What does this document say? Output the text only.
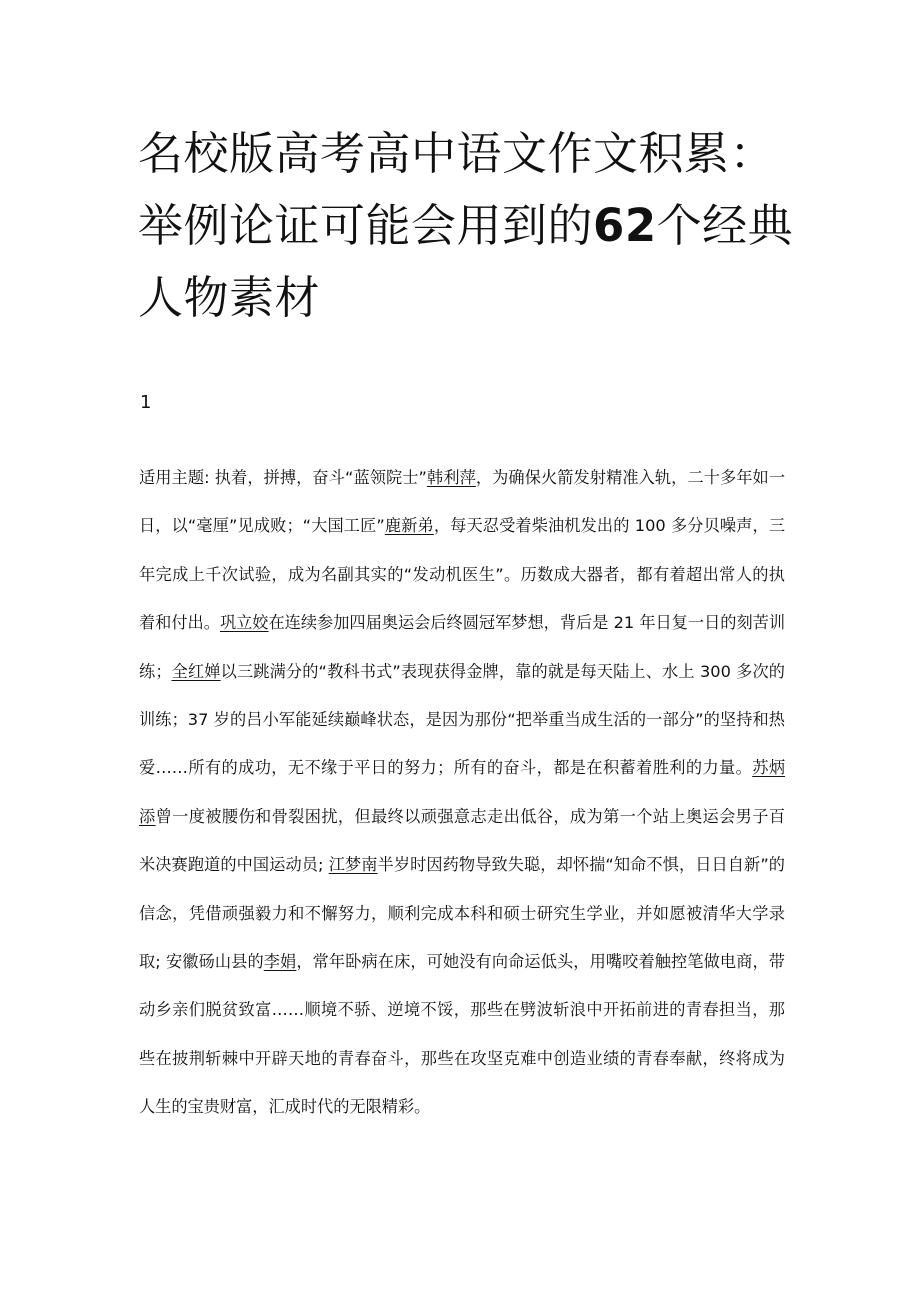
名校版高考高中语文作文积累：举例论证可能会用到的62个经典人物素材
1

适用主题: 执着，拼搏，奋斗“蓝领院士”韩利萍，为确保火箭发射精准入轨，二十多年如一日，以“毫厘”见成败；“大国工匠”鹿新弟，每天忍受着柴油机发出的 100 多分贝噪声，三年完成上千次试验，成为名副其实的“发动机医生”。历数成大器者，都有着超出常人的执着和付出。巩立姣在连续参加四届奥运会后终圆冠军梦想，背后是 21 年日复一日的刻苦训练；全红婵以三跳满分的“教科书式”表现获得金牌，靠的就是每天陆上、水上 300 多次的训练；37 岁的吕小军能延续巅峰状态，是因为那份“把举重当成生活的一部分”的坚持和热爱……所有的成功，无不缘于平日的努力；所有的奋斗，都是在积蓄着胜利的力量。苏炳添曾一度被腰伤和骨裂困扰，但最终以顽强意志走出低谷，成为第一个站上奥运会男子百米决赛跑道的中国运动员; 江梦南半岁时因药物导致失聪，却怀揣“知命不惧，日日自新”的信念，凭借顽强毅力和不懈努力，顺利完成本科和硕士研究生学业，并如愿被清华大学录取; 安徽砀山县的李娟，常年卧病在床，可她没有向命运低头，用嘴咬着触控笔做电商，带动乡亲们脱贫致富……顺境不骄、逆境不馁，那些在劈波斩浪中开拓前进的青春担当，那些在披荆斩棘中开辟天地的青春奋斗，那些在攻坚克难中创造业绩的青春奉献，终将成为人生的宝贵财富，汇成时代的无限精彩。
